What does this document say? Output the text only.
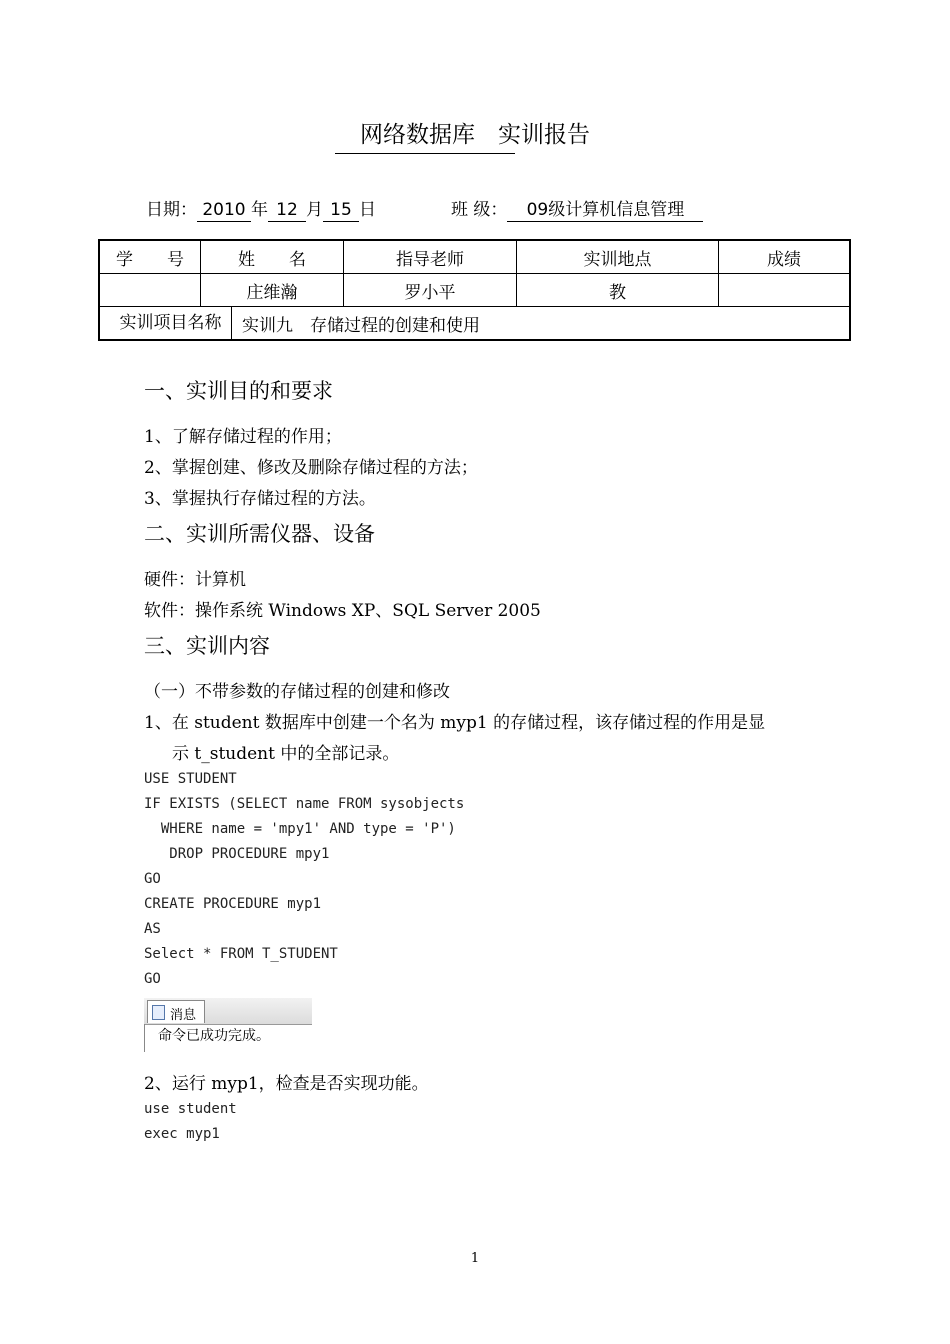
网络数据库　实训报告
日期： 2010 年 12 月 15 日	班 级： 09级计算机信息管理
学　　号	姓　　名	指导老师	实训地点	成绩
	庄维瀚	罗小平	教	

实训项目名称 实训九　存储过程的创建和使用				
一、实训目的和要求
1、了解存储过程的作用；
2、掌握创建、修改及删除存储过程的方法；
3、掌握执行存储过程的方法。
二、实训所需仪器、设备
硬件：计算机
软件：操作系统 Windows XP、SQL Server 2005
三、实训内容
（一）不带参数的存储过程的创建和修改
1、在 student 数据库中创建一个名为 myp1 的存储过程，该存储过程的作用是显
示 t_student 中的全部记录。
USE STUDENT
IF EXISTS (SELECT name FROM sysobjects
WHERE name = 'mpy1' AND type = 'P')
DROP PROCEDURE mpy1
GO
CREATE PROCEDURE myp1
AS
Select * FROM T_STUDENT
GO
消息
命令已成功完成。
2、运行 myp1，检查是否实现功能。
use student
exec myp1
1
